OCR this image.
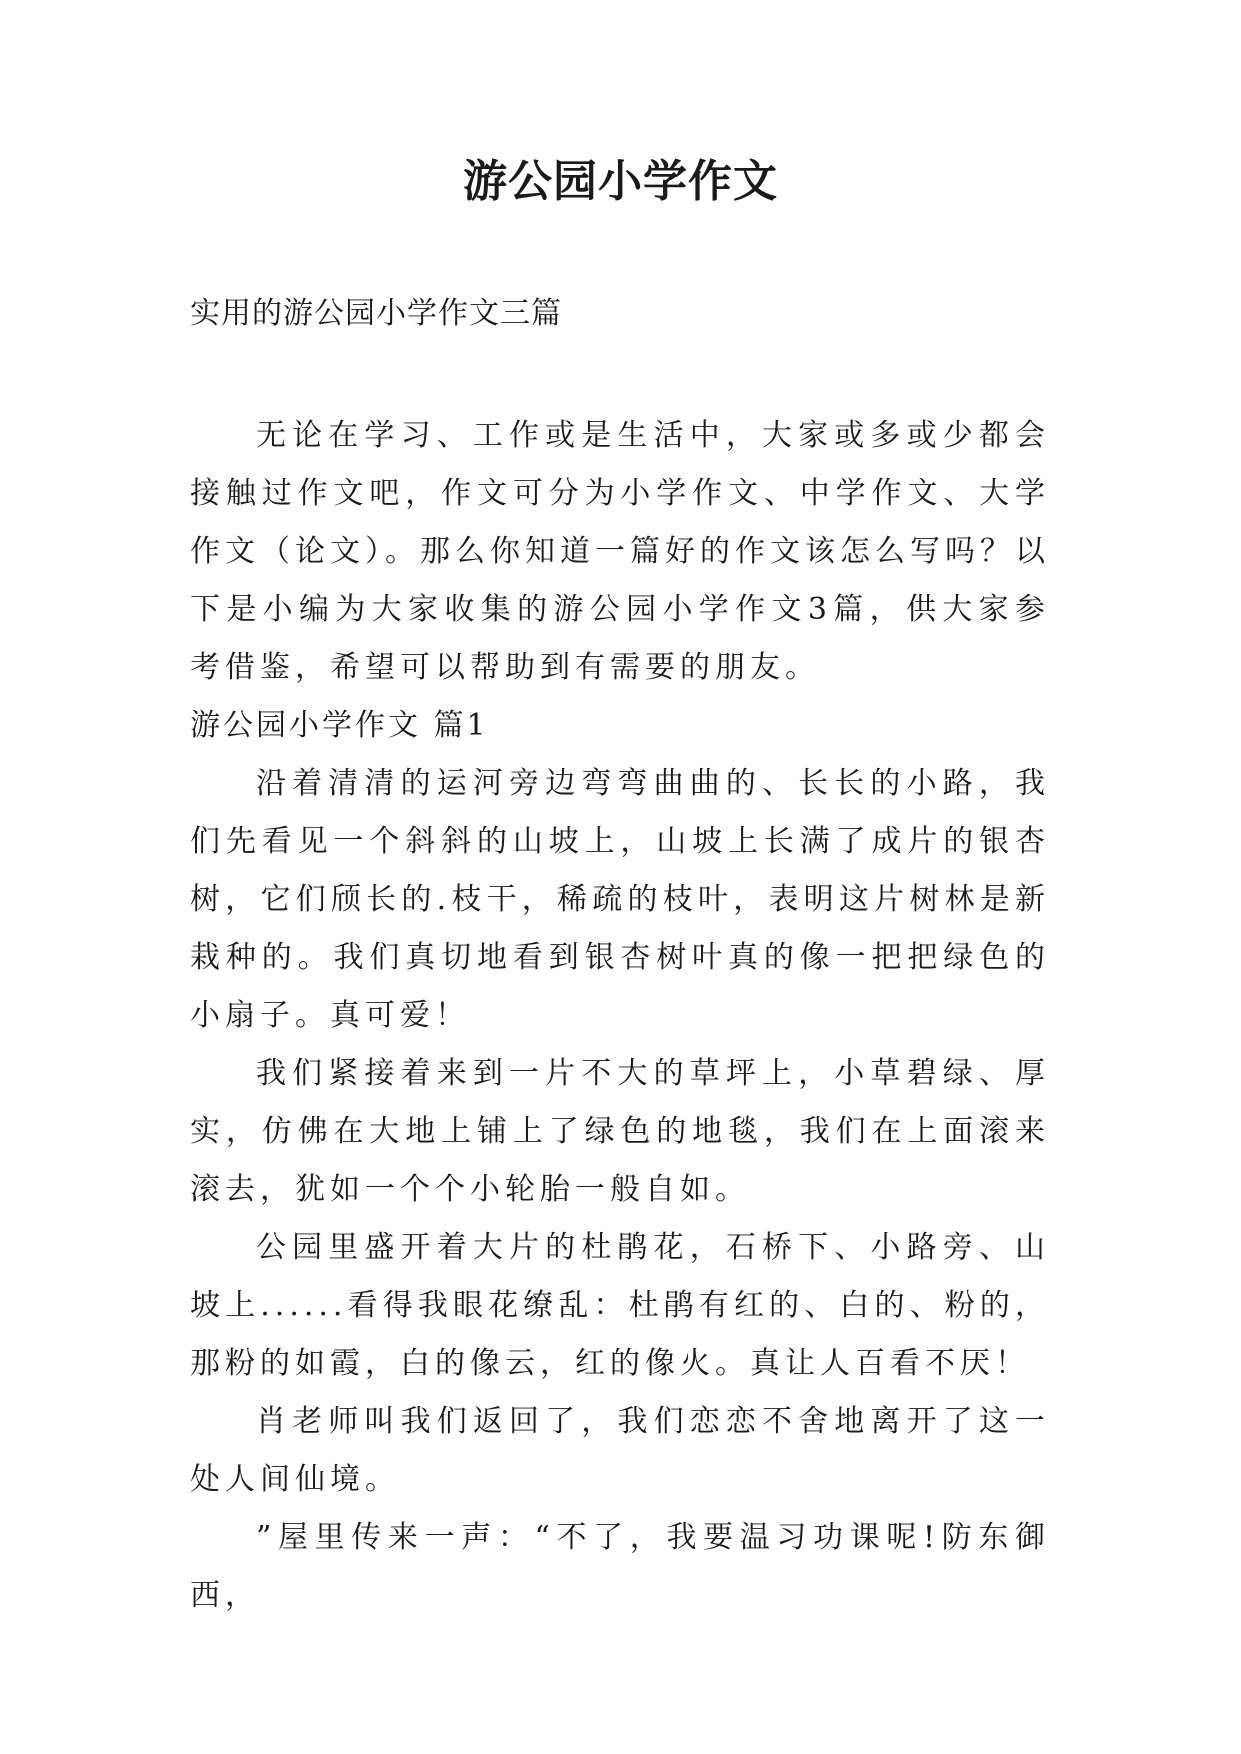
游公园小学作文

实用的游公园小学作文三篇

无论在学习、工作或是生活中，大家或多或少都会接触过作文吧，作文可分为小学作文、中学作文、大学作文（论文）。那么你知道一篇好的作文该怎么写吗？以下是小编为大家收集的游公园小学作文3篇，供大家参考借鉴，希望可以帮助到有需要的朋友。

游公园小学作文 篇1

沿着清清的运河旁边弯弯曲曲的、长长的小路，我们先看见一个斜斜的山坡上，山坡上长满了成片的银杏树，它们颀长的.枝干，稀疏的枝叶，表明这片树林是新栽种的。我们真切地看到银杏树叶真的像一把把绿色的小扇子。真可爱！

我们紧接着来到一片不大的草坪上，小草碧绿、厚实，仿佛在大地上铺上了绿色的地毯，我们在上面滚来滚去，犹如一个个小轮胎一般自如。

公园里盛开着大片的杜鹃花，石桥下、小路旁、山坡上......看得我眼花缭乱：杜鹃有红的、白的、粉的，那粉的如霞，白的像云，红的像火。真让人百看不厌！

肖老师叫我们返回了，我们恋恋不舍地离开了这一处人间仙境。

”屋里传来一声：“不了，我要温习功课呢!防东御西，
